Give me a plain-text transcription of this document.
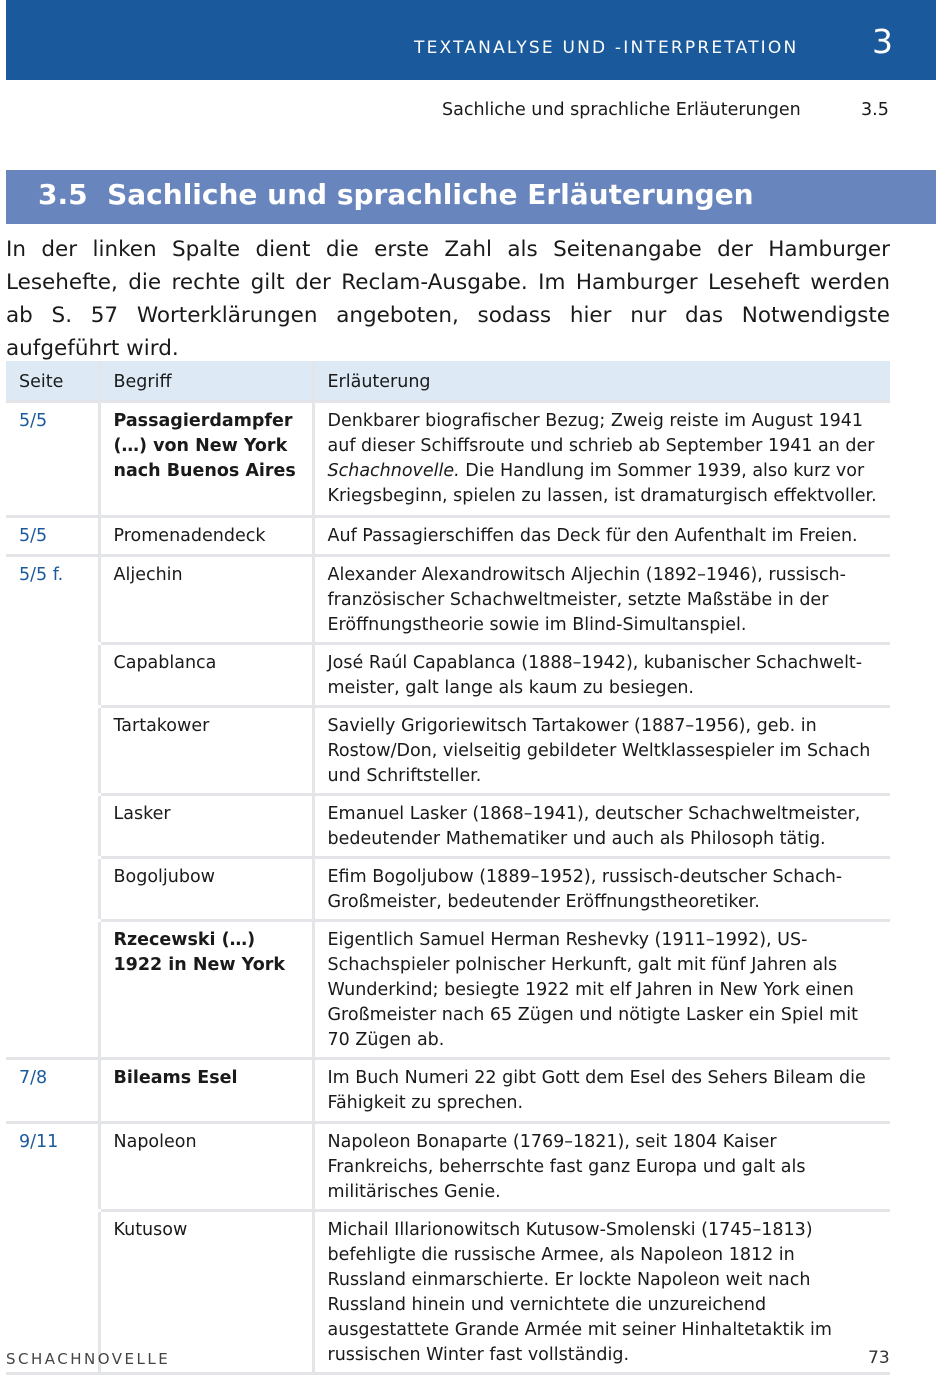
TEXTANALYSE UND -INTERPRETATION 3
Sachliche und sprachliche Erläuterungen	3.5
3.5 Sachliche und sprachliche Erläuterungen

In der linken Spalte dient die erste Zahl als Seitenangabe der Hamburger Lesehefte, die rechte gilt der Reclam-Ausgabe. Im Hamburger Leseheft werden ab S. 57 Worterklärungen angeboten, sodass hier nur das Notwendigste aufgeführt wird.

Seite	Begriff	Erläuterung
5/5	Passagierdampfer (…) von New York nach Buenos Aires	Denkbarer biografischer Bezug; Zweig reiste im August 1941 auf dieser Schiffsroute und schrieb ab September 1941 an der Schachnovelle. Die Handlung im Sommer 1939, also kurz vor Kriegsbeginn, spielen zu lassen, ist dramaturgisch effektvoller.
5/5	Promenadendeck	Auf Passagierschiffen das Deck für den Aufenthalt im Freien.
5/5 f.	Aljechin	Alexander Alexandrowitsch Aljechin (1892–1946), russisch-französischer Schachweltmeister, setzte Maßstäbe in der Eröffnungstheorie sowie im Blind-Simultanspiel.
	Capablanca	José Raúl Capablanca (1888–1942), kubanischer Schachwelt-meister, galt lange als kaum zu besiegen.
	Tartakower	Savielly Grigoriewitsch Tartakower (1887–1956), geb. in Rostow/Don, vielseitig gebildeter Weltklassespieler im Schach und Schriftsteller.
	Lasker	Emanuel Lasker (1868–1941), deutscher Schachweltmeister, bedeutender Mathematiker und auch als Philosoph tätig.
	Bogoljubow	Efim Bogoljubow (1889–1952), russisch-deutscher Schach-Großmeister, bedeutender Eröffnungstheoretiker.
	Rzecewski (…) 1922 in New York	Eigentlich Samuel Herman Reshevky (1911–1992), US-Schachspieler polnischer Herkunft, galt mit fünf Jahren als Wunderkind; besiegte 1922 mit elf Jahren in New York einen Großmeister nach 65 Zügen und nötigte Lasker ein Spiel mit 70 Zügen ab.
7/8	Bileams Esel	Im Buch Numeri 22 gibt Gott dem Esel des Sehers Bileam die Fähigkeit zu sprechen.
9/11	Napoleon	Napoleon Bonaparte (1769–1821), seit 1804 Kaiser Frankreichs, beherrschte fast ganz Europa und galt als militärisches Genie.
	Kutusow	Michail Illarionowitsch Kutusow-Smolenski (1745–1813) befehligte die russische Armee, als Napoleon 1812 in Russland einmarschierte. Er lockte Napoleon weit nach Russland hinein und vernichtete die unzureichend ausgestattete Grande Armée mit seiner Hinhaltetaktik im russischen Winter fast vollständig.
SCHACHNOVELLE	73
